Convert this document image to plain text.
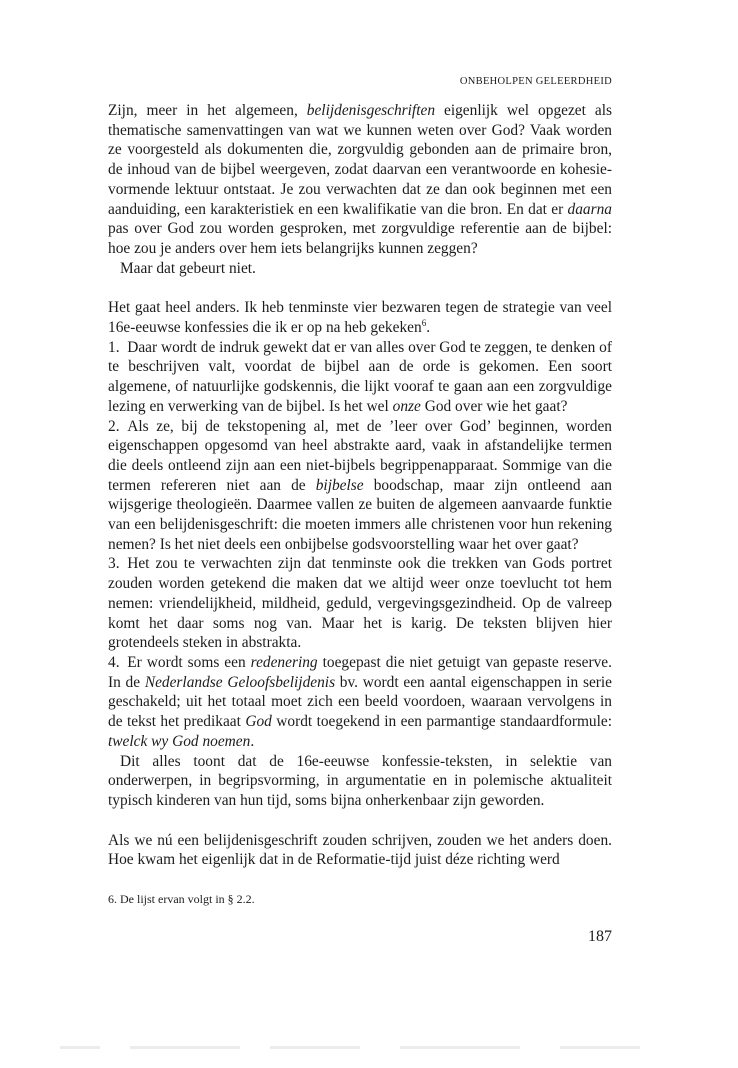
ONBEHOLPEN GELEERDHEID

Zijn, meer in het algemeen, belijdenisgeschriften eigenlijk wel opgezet als thematische samenvattingen van wat we kunnen weten over God? Vaak worden ze voorgesteld als dokumenten die, zorgvuldig gebonden aan de primaire bron, de inhoud van de bijbel weergeven, zodat daarvan een verantwoorde en kohesie-vormende lektuur ontstaat. Je zou verwachten dat ze dan ook beginnen met een aanduiding, een karakteristiek en een kwalifikatie van die bron. En dat er daarna pas over God zou worden gesproken, met zorgvuldige referentie aan de bijbel: hoe zou je anders over hem iets belangrijks kunnen zeggen?

Maar dat gebeurt niet.

Het gaat heel anders. Ik heb tenminste vier bezwaren tegen de strategie van veel 16e-eeuwse konfessies die ik er op na heb gekeken$^6$.

1. Daar wordt de indruk gewekt dat er van alles over God te zeggen, te denken of te beschrijven valt, voordat de bijbel aan de orde is gekomen. Een soort algemene, of natuurlijke godskennis, die lijkt vooraf te gaan aan een zorgvuldige lezing en verwerking van de bijbel. Is het wel onze God over wie het gaat?

2. Als ze, bij de tekstopening al, met de ’leer over God’ beginnen, worden eigenschappen opgesomd van heel abstrakte aard, vaak in afstandelijke termen die deels ontleend zijn aan een niet-bijbels begrippenapparaat. Sommige van die termen refereren niet aan de bijbelse boodschap, maar zijn ontleend aan wijsgerige theologieën. Daarmee vallen ze buiten de algemeen aanvaarde funktie van een belijdenisgeschrift: die moeten immers alle christenen voor hun rekening nemen? Is het niet deels een onbijbelse godsvoorstelling waar het over gaat?

3. Het zou te verwachten zijn dat tenminste ook die trekken van Gods portret zouden worden getekend die maken dat we altijd weer onze toevlucht tot hem nemen: vriendelijkheid, mildheid, geduld, vergevingsgezindheid. Op de valreep komt het daar soms nog van. Maar het is karig. De teksten blijven hier grotendeels steken in abstrakta.

4. Er wordt soms een redenering toegepast die niet getuigt van gepaste reserve. In de Nederlandse Geloofsbelijdenis bv. wordt een aantal eigenschappen in serie geschakeld; uit het totaal moet zich een beeld voordoen, waaraan vervolgens in de tekst het predikaat God wordt toegekend in een parmantige standaardformule: twelck wy God noemen.

Dit alles toont dat de 16e-eeuwse konfessie-teksten, in selektie van onderwerpen, in begripsvorming, in argumentatie en in polemische aktualiteit typisch kinderen van hun tijd, soms bijna onherkenbaar zijn geworden.

Als we nú een belijdenisgeschrift zouden schrijven, zouden we het anders doen. Hoe kwam het eigenlijk dat in de Reformatie-tijd juist déze richting werd

6. De lijst ervan volgt in § 2.2.
187
